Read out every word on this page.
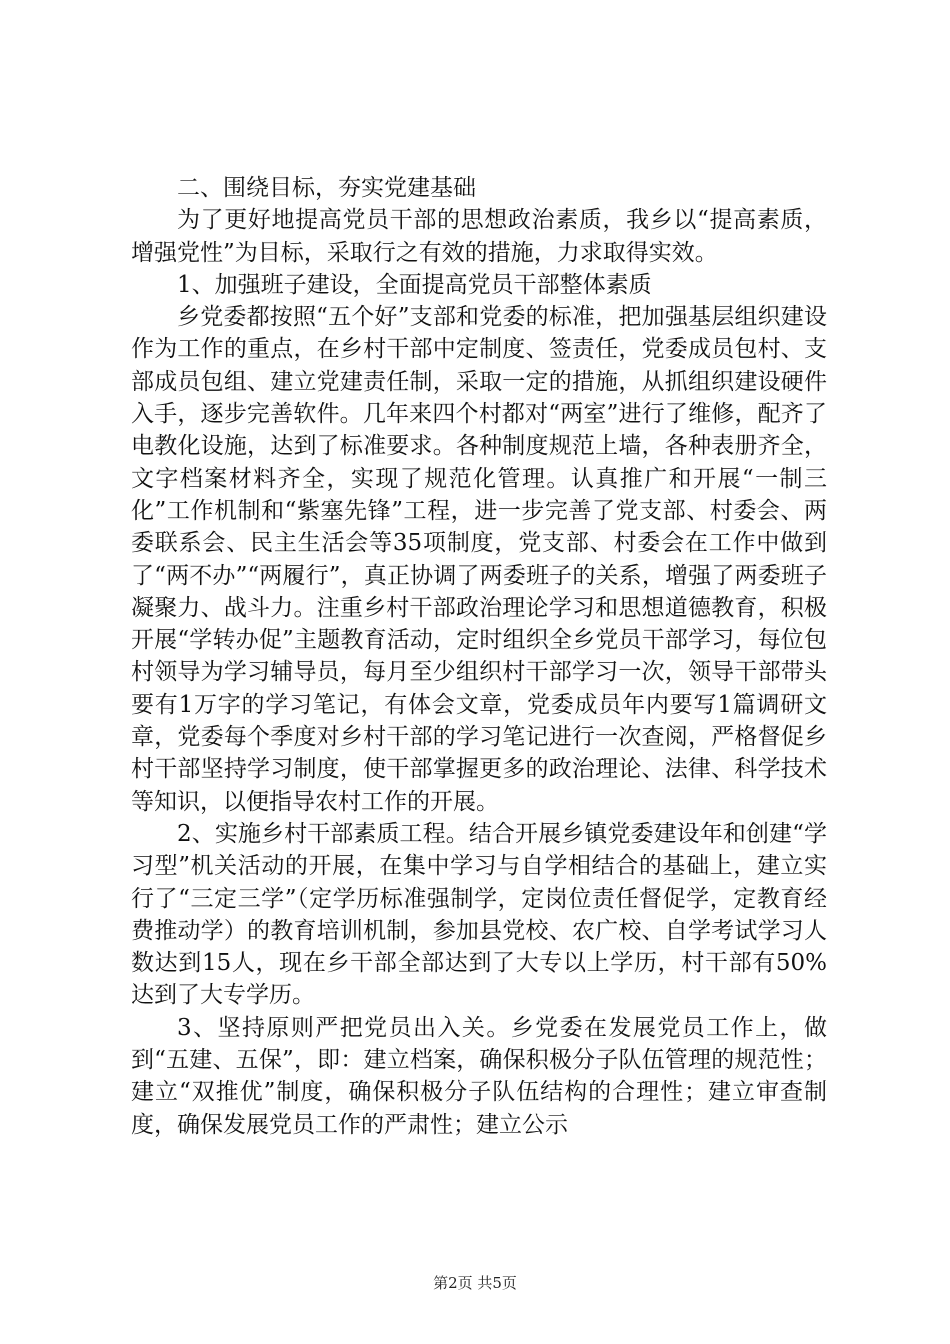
二、围绕目标，夯实党建基础

为了更好地提高党员干部的思想政治素质，我乡以“提高素质，增强党性”为目标，采取行之有效的措施，力求取得实效。

1、加强班子建设，全面提高党员干部整体素质

乡党委都按照“五个好”支部和党委的标准，把加强基层组织建设作为工作的重点，在乡村干部中定制度、签责任，党委成员包村、支部成员包组、建立党建责任制，采取一定的措施，从抓组织建设硬件入手，逐步完善软件。几年来四个村都对“两室”进行了维修，配齐了电教化设施，达到了标准要求。各种制度规范上墙，各种表册齐全，文字档案材料齐全，实现了规范化管理。认真推广和开展“一制三化”工作机制和“紫塞先锋”工程，进一步完善了党支部、村委会、两委联系会、民主生活会等35项制度，党支部、村委会在工作中做到了“两不办”“两履行”，真正协调了两委班子的关系，增强了两委班子凝聚力、战斗力。注重乡村干部政治理论学习和思想道德教育，积极开展“学转办促”主题教育活动，定时组织全乡党员干部学习，每位包村领导为学习辅导员，每月至少组织村干部学习一次，领导干部带头要有1万字的学习笔记，有体会文章，党委成员年内要写1篇调研文章，党委每个季度对乡村干部的学习笔记进行一次查阅，严格督促乡村干部坚持学习制度，使干部掌握更多的政治理论、法律、科学技术等知识，以便指导农村工作的开展。

2、实施乡村干部素质工程。结合开展乡镇党委建设年和创建“学习型”机关活动的开展，在集中学习与自学相结合的基础上，建立实行了“三定三学”（定学历标准强制学，定岗位责任督促学，定教育经费推动学）的教育培训机制，参加县党校、农广校、自学考试学习人数达到15人，现在乡干部全部达到了大专以上学历，村干部有50%达到了大专学历。

3、坚持原则严把党员出入关。乡党委在发展党员工作上，做到“五建、五保”，即：建立档案，确保积极分子队伍管理的规范性；建立“双推优”制度，确保积极分子队伍结构的合理性；建立审查制度，确保发展党员工作的严肃性；建立公示

第2页 共5页
